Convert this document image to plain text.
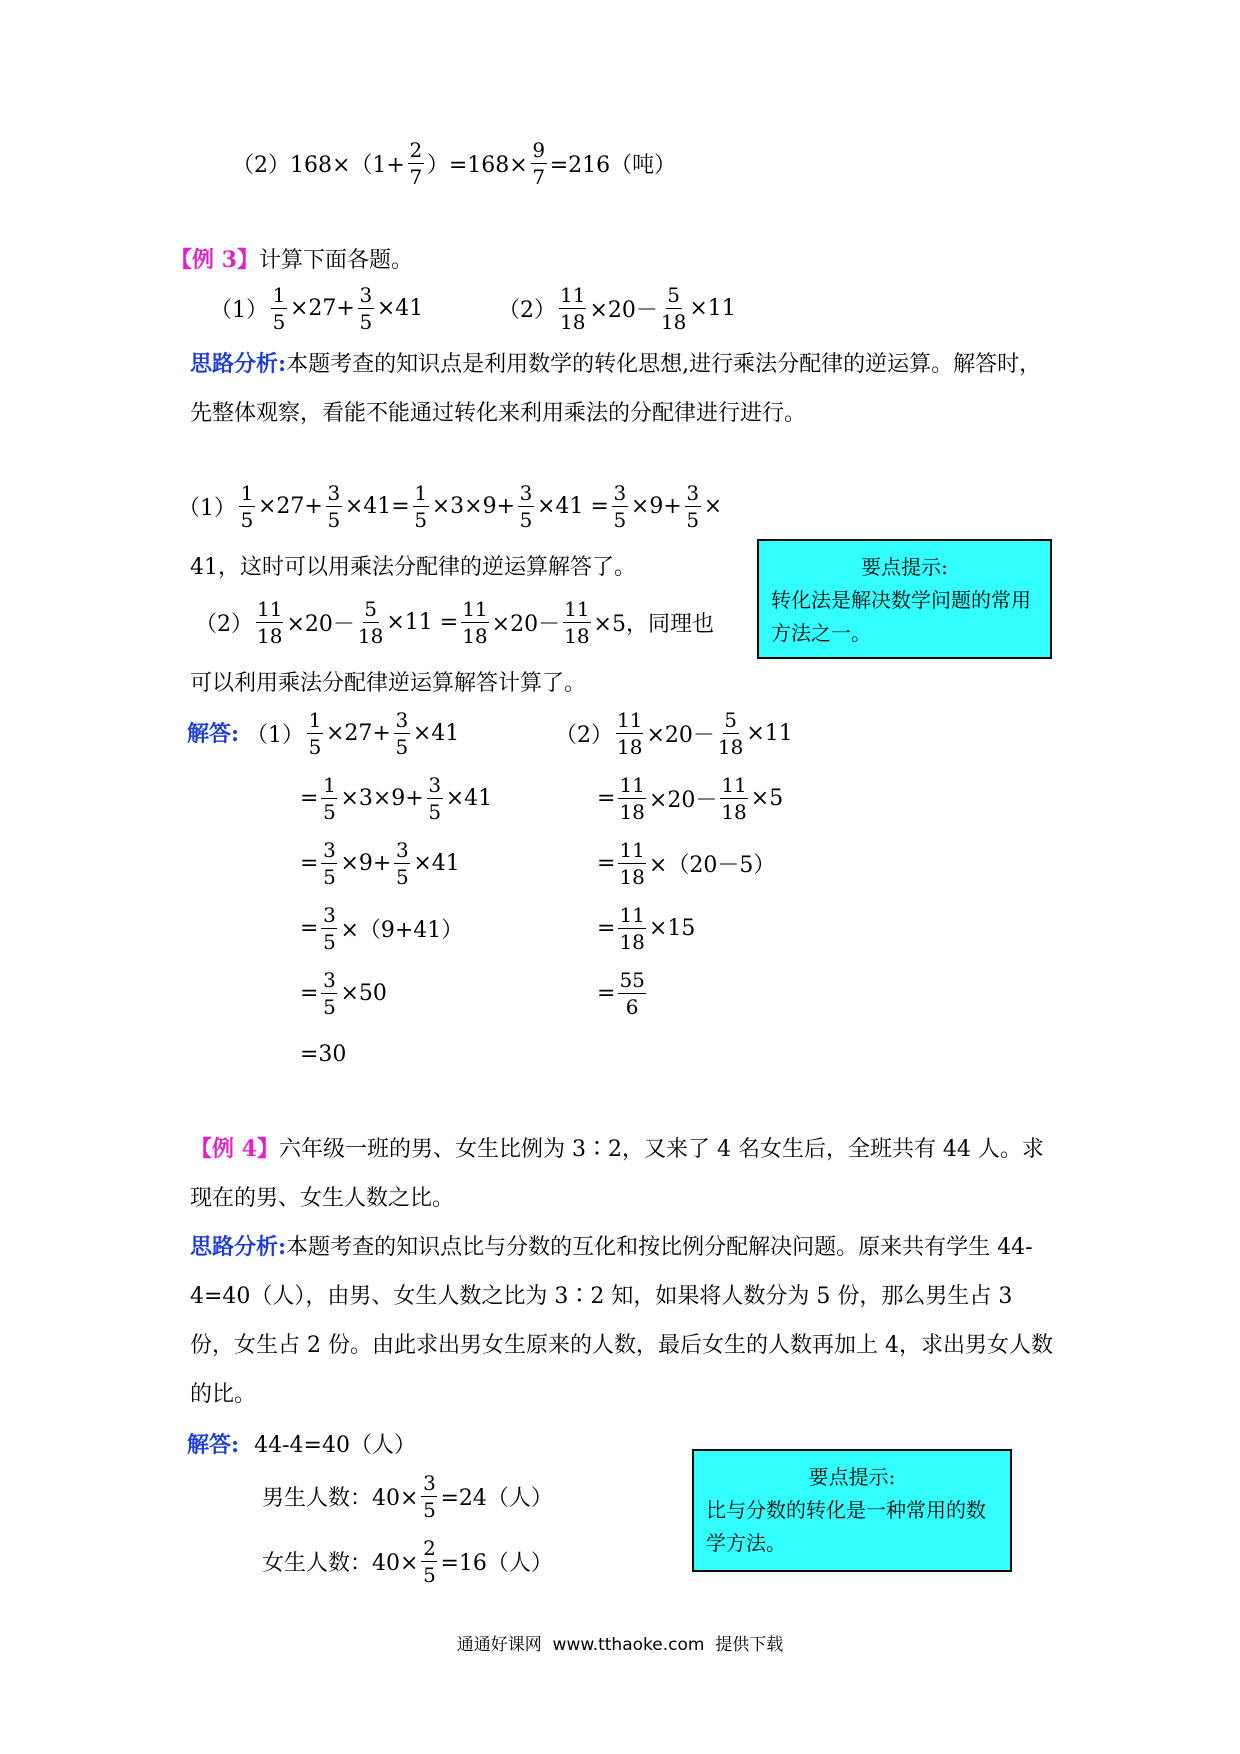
$(2)168\times(1+ \frac{2}{7} )=168\times \frac{9}{7} =216$（吨）
【例 3】计算下面各题。
$(1) \frac{1}{5} \times 27+ \frac{3}{5} \times 41$	$(2) \frac{11}{18} \times 20- \frac{5}{18} \times 11$
思路分析:本题考查的知识点是利用数学的转化思想,进行乘法分配律的逆运算。解答时，先整体观察，看能不能通过转化来利用乘法的分配律进行进行。
$(1) \frac{1}{5} \times 27+ \frac{3}{5} \times 41= \frac{1}{5} \times 3\times 9+ \frac{3}{5} \times 41 = \frac{3}{5} \times 9+ \frac{3}{5}$ ×
41，这时可以用乘法分配律的逆运算解答了。
$(2) \frac{11}{18} \times 20- \frac{5}{18} \times 11 = \frac{11}{18} \times 20- \frac{11}{18} \times 5$，同理也
可以利用乘法分配律逆运算解答计算了。
要点提示:
转化法是解决数学问题的常用方法之一。
解答: $(1) \frac{1}{5} \times 27+ \frac{3}{5} \times 41$
= $\frac{1}{5} \times 3\times 9+ \frac{3}{5} \times 41$
= $\frac{3}{5} \times 9+ \frac{3}{5} \times 41$
= $\frac{3}{5} \times(9+41)$
= $\frac{3}{5} \times 50$
=30
$(2) \frac{11}{18} \times 20- \frac{5}{18} \times 11$
= $\frac{11}{18} \times 20- \frac{11}{18} \times 5$
= $\frac{11}{18} \times(20-5)$
= $\frac{11}{18} \times 15$
= $\frac{55}{6}$
【例 4】六年级一班的男、女生比例为 3∶2，又来了 4 名女生后，全班共有 44 人。求现在的男、女生人数之比。
思路分析:本题考查的知识点比与分数的互化和按比例分配解决问题。原来共有学生 44-4=40（人），由男、女生人数之比为 3∶2 知，如果将人数分为 5 份，那么男生占 3 份，女生占 2 份。由此求出男女生原来的人数，最后女生的人数再加上 4，求出男女人数的比。
解答: 44-4=40（人）
男生人数：$40\times \frac{3}{5} =24$（人）
女生人数：$40\times \frac{2}{5} =16$（人）
要点提示:
比与分数的转化是一种常用的数学方法。
通通好课网  www.tthaoke.com  提供下载
